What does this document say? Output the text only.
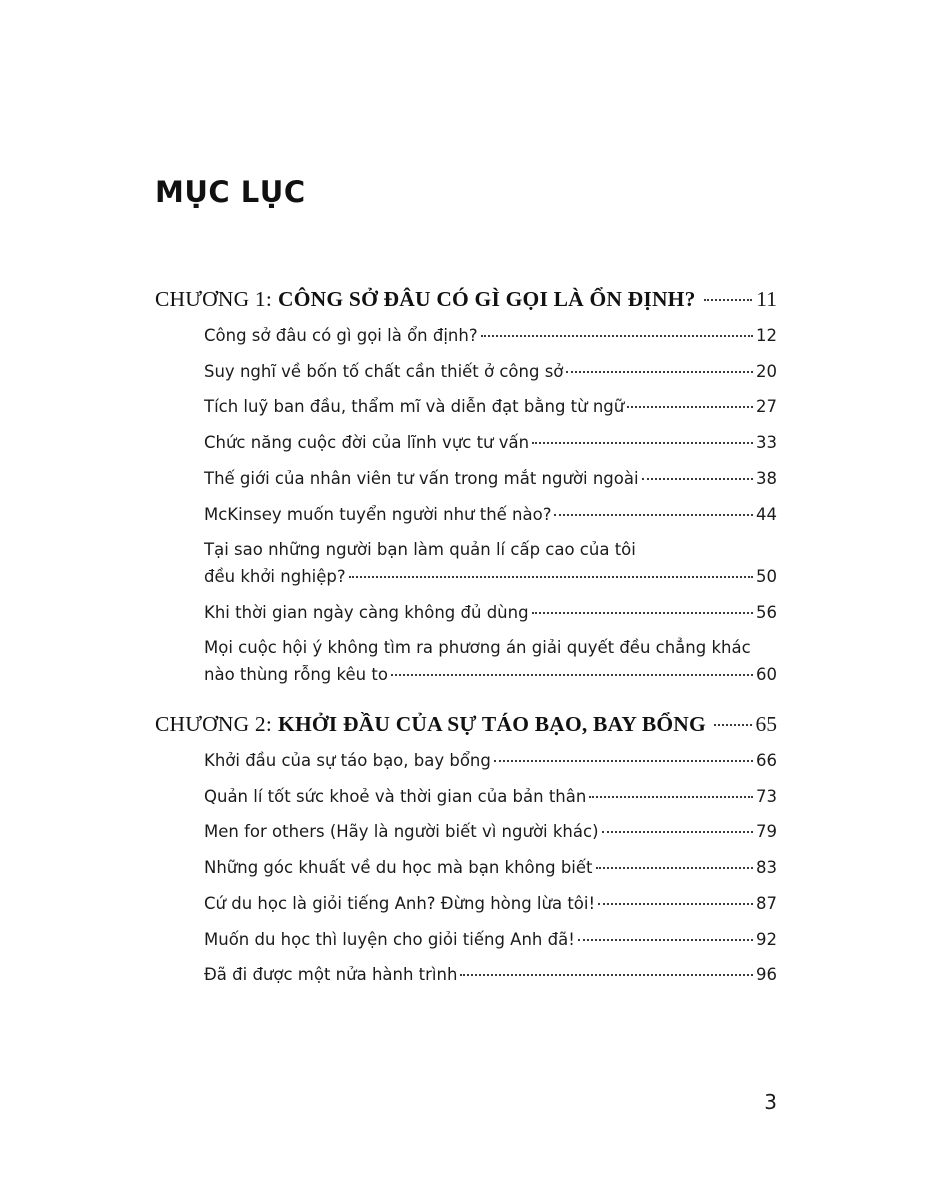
MỤC LỤC
CHƯƠNG 1: CÔNG SỞ ĐÂU CÓ GÌ GỌI LÀ ỔN ĐỊNH?	11
Công sở đâu có gì gọi là ổn định?	12
Suy nghĩ về bốn tố chất cần thiết ở công sở	20
Tích luỹ ban đầu, thẩm mĩ và diễn đạt bằng từ ngữ	27
Chức năng cuộc đời của lĩnh vực tư vấn	33
Thế giới của nhân viên tư vấn trong mắt người ngoài	38
McKinsey muốn tuyển người như thế nào?	44
Tại sao những người bạn làm quản lí cấp cao của tôi
đều khởi nghiệp?	50
Khi thời gian ngày càng không đủ dùng	56
Mọi cuộc hội ý không tìm ra phương án giải quyết đều chẳng khác
nào thùng rỗng kêu to	60
CHƯƠNG 2: KHỞI ĐẦU CỦA SỰ TÁO BẠO, BAY BỔNG 65
Khởi đầu của sự táo bạo, bay bổng	66
Quản lí tốt sức khoẻ và thời gian của bản thân	73
Men for others (Hãy là người biết vì người khác)	79
Những góc khuất về du học mà bạn không biết	83
Cứ du học là giỏi tiếng Anh? Đừng hòng lừa tôi!	87
Muốn du học thì luyện cho giỏi tiếng Anh đã!	92
Đã đi được một nửa hành trình	96
3
